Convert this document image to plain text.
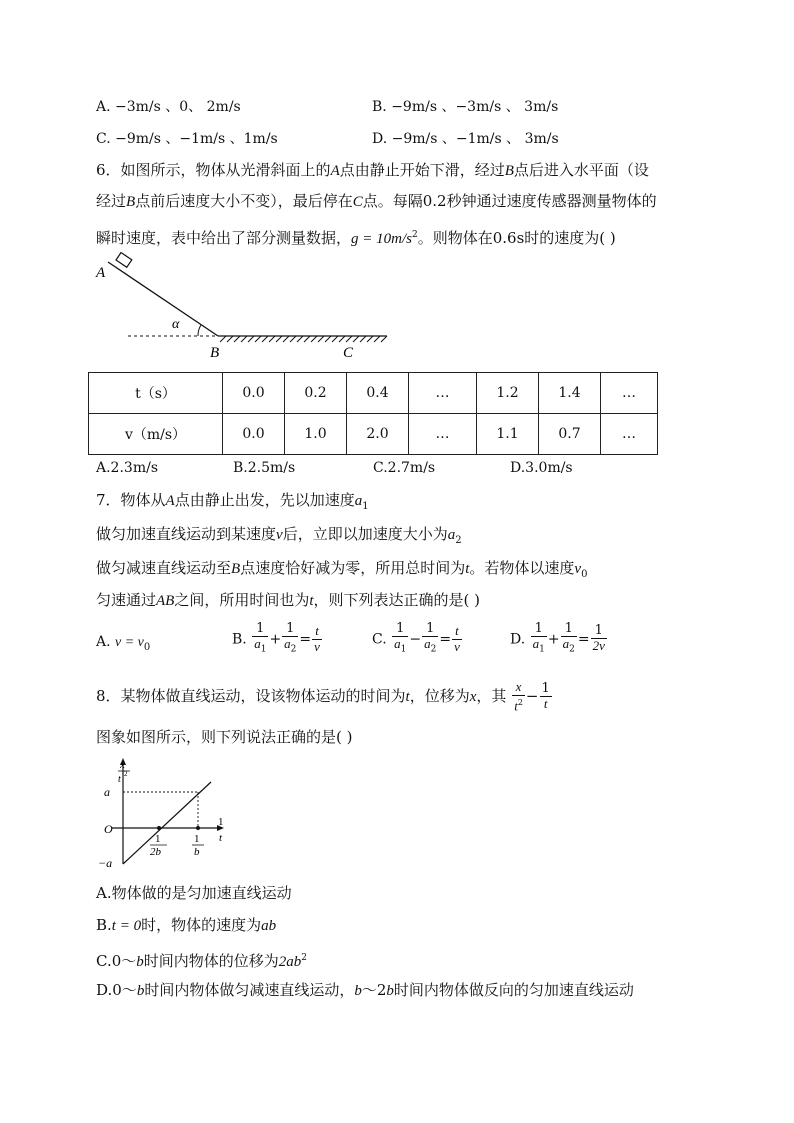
A. −3m/s 、0、 2m/s	B. −9m/s 、−3m/s 、 3m/s
C. −9m/s 、−1m/s 、1m/s	D. −9m/s 、−1m/s 、 3m/s
6．如图所示，物体从光滑斜面上的A点由静止开始下滑，经过B点后进入水平面（设
经过B点前后速度大小不变），最后停在C点。每隔0.2秒钟通过速度传感器测量物体的
瞬时速度，表中给出了部分测量数据，$g = 10m/s^2$。则物体在0.6s时的速度为( )
A
α
B	C
t（s）	0.0	0.2	0.4	…	1.2	1.4	…
v（m/s）	0.0	1.0	2.0	…	1.1	0.7	…
A.2.3m/s	B.2.5m/s	C.2.7m/s	D.3.0m/s
7．物体从A点由静止出发，先以加速度$a_1$
做匀加速直线运动到某速度v后，立即以加速度大小为$a_2$
做匀减速直线运动至B点速度恰好减为零，所用总时间为t。若物体以速度$v_0$
匀速通过AB之间，所用时间也为t，则下列表达正确的是( )
A. $v = v_0$	B. $\frac{1}{a_1} + \frac{1}{a_2} = \frac{t}{v}$	C. $\frac{1}{a_1} - \frac{1}{a_2} = \frac{t}{v}$	D. $\frac{1}{a_1} + \frac{1}{a_2} = \frac{1}{2v}$
8．某物体做直线运动，设该物体运动的时间为t，位移为x，其 $\frac{x}{t^2} - \frac{1}{t}$
图象如图所示，则下列说法正确的是( )
x
t 2
a
O
−a
1
t
1
2b
1
b
A.物体做的是匀加速直线运动
B.t = 0时，物体的速度为ab
C.0～b时间内物体的位移为$2ab^2$
D.0～b时间内物体做匀减速直线运动，b～2b时间内物体做反向的匀加速直线运动
